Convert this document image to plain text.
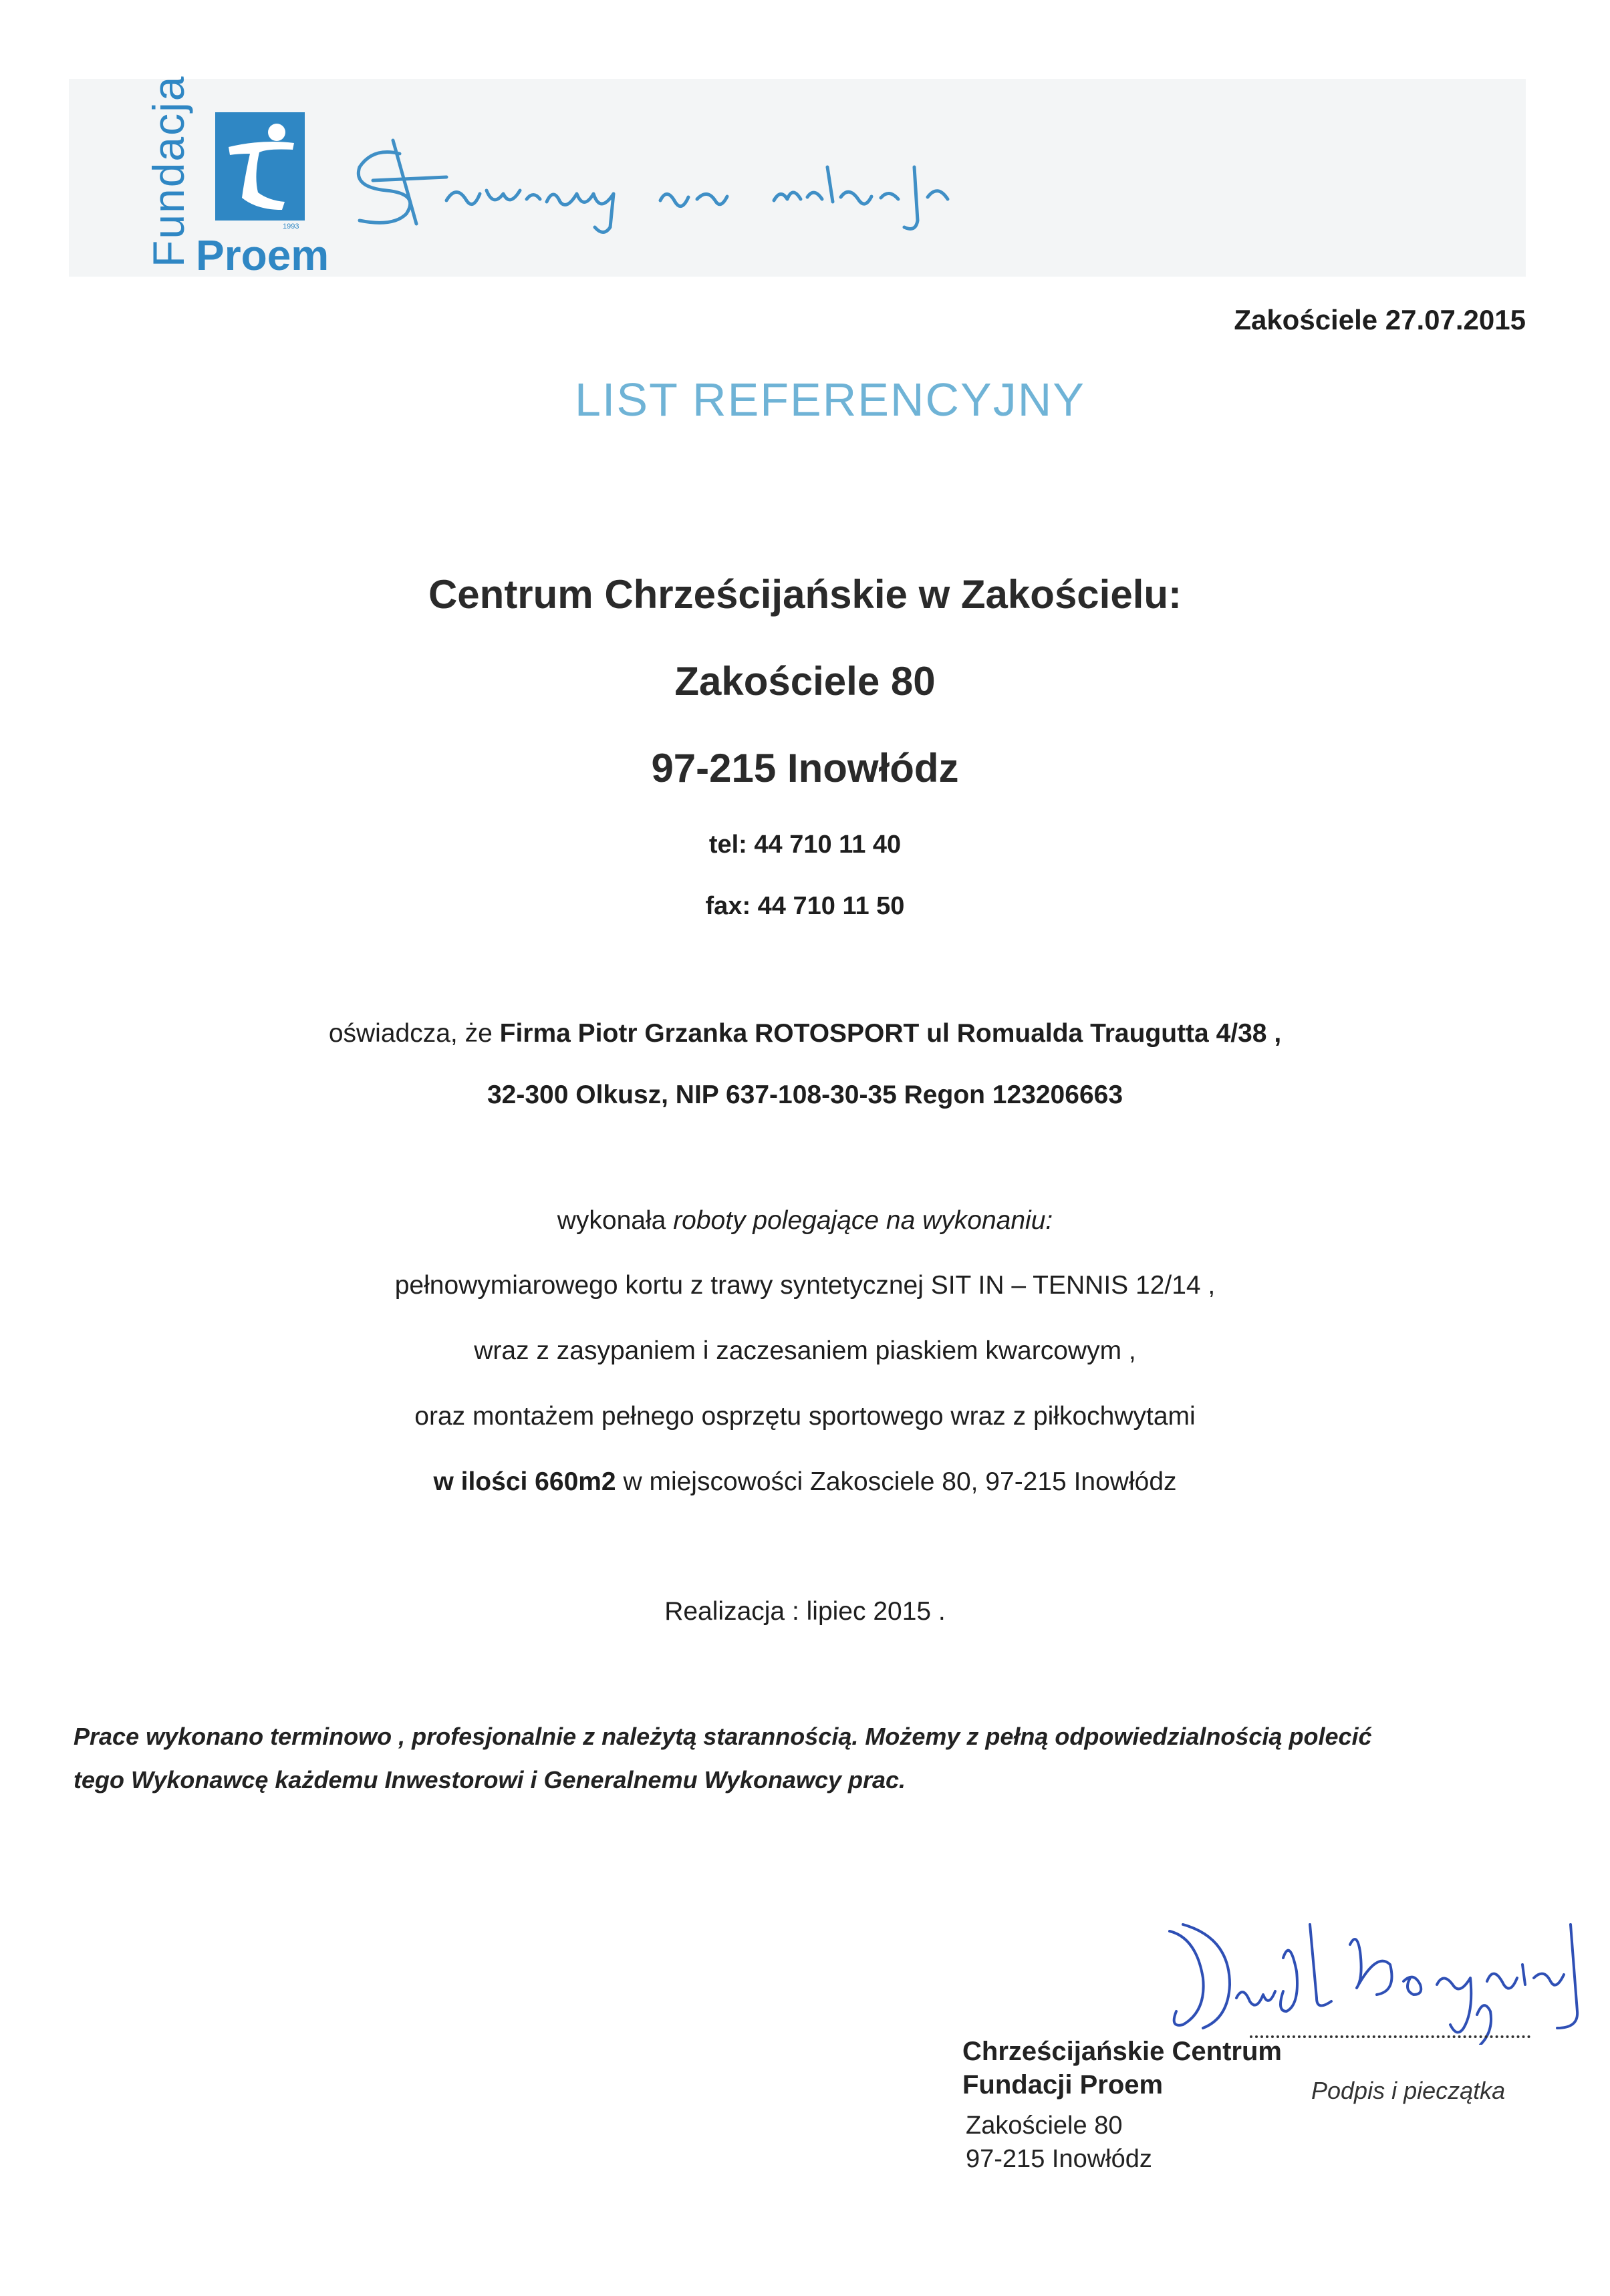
Fundacja Proem
1993
Zakościele 27.07.2015
LIST REFERENCYJNY
Centrum Chrześcijańskie w Zakościelu:
Zakościele 80
97-215 Inowłódz
tel: 44 710 11 40
fax: 44 710 11 50
oświadcza, że Firma Piotr Grzanka ROTOSPORT ul Romualda Traugutta 4/38 ,
32-300 Olkusz, NIP 637-108-30-35 Regon 123206663
wykonała roboty polegające na wykonaniu:
pełnowymiarowego kortu z trawy syntetycznej SIT IN – TENNIS 12/14 ,
wraz z zasypaniem i zaczesaniem piaskiem kwarcowym ,
oraz montażem pełnego osprzętu sportowego wraz z piłkochwytami
w ilości 660m2 w miejscowości Zakosciele 80, 97-215 Inowłódz
Realizacja : lipiec 2015 .
Prace wykonano terminowo , profesjonalnie z należytą starannością. Możemy z pełną odpowiedzialnością polecić
tego Wykonawcę każdemu Inwestorowi i Generalnemu Wykonawcy prac.
Podpis i pieczątka
Chrześcijańskie Centrum
Fundacji Proem
Zakościele 80
97-215 Inowłódz
